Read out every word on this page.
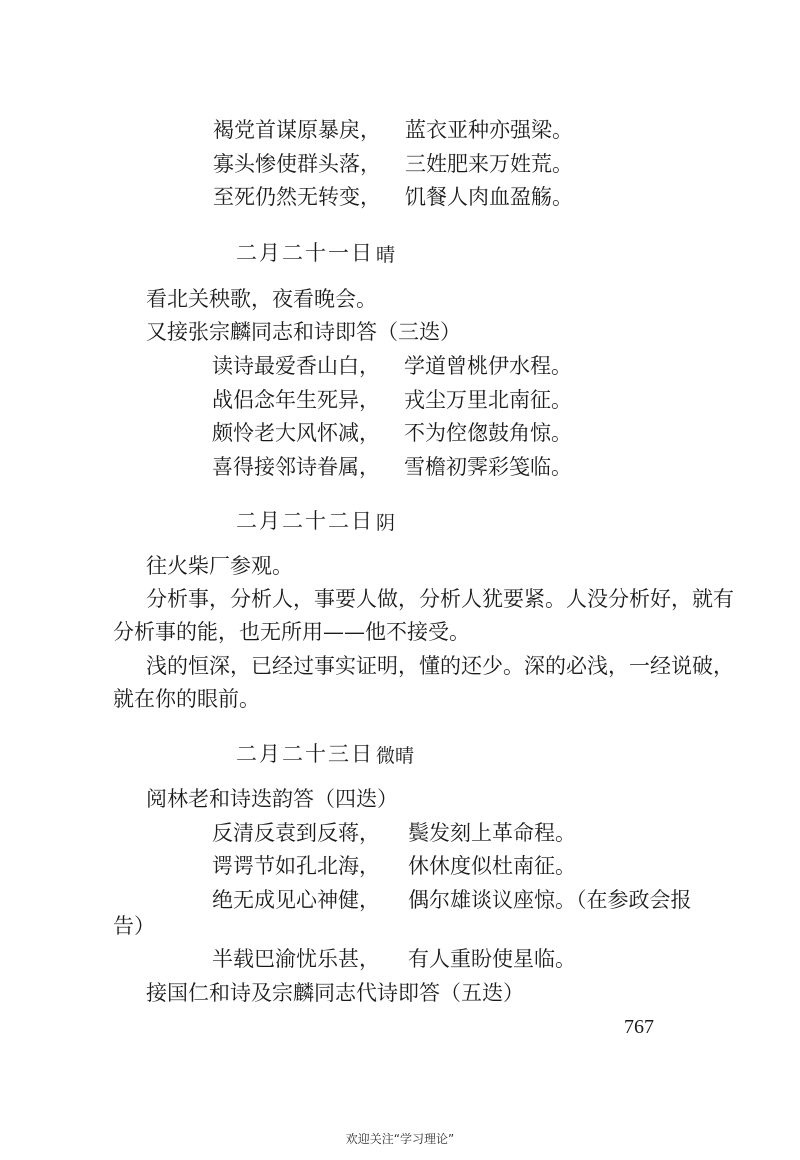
褐党首谋原暴戾， 蓝衣亚种亦强梁。
寡头惨使群头落， 三姓肥来万姓荒。
至死仍然无转变， 饥餐人肉血盈觞。
二月二十一日 晴
看北关秧歌，夜看晚会。
又接张宗麟同志和诗即答（三迭）
读诗最爱香山白， 学道曾桃伊水程。
战侣念年生死异， 戎尘万里北南征。
颇怜老大风怀减， 不为倥偬鼓角惊。
喜得接邻诗眷属， 雪檐初霁彩笺临。
二月二十二日 阴
往火柴厂参观。
分析事，分析人，事要人做，分析人犹要紧。人没分析好，就有
分析事的能，也无所用——他不接受。
浅的恒深，已经过事实证明，懂的还少。深的必浅，一经说破，
就在你的眼前。
二月二十三日 微晴
阅林老和诗迭韵答（四迭）
反清反袁到反蒋， 鬓发刻上革命程。
谔谔节如孔北海， 休休度似杜南征。
绝无成见心神健， 偶尔雄谈议座惊。（在参政会报
告）
半载巴渝忧乐甚， 有人重盼使星临。
接国仁和诗及宗麟同志代诗即答（五迭）
767
欢迎关注“学习理论”
